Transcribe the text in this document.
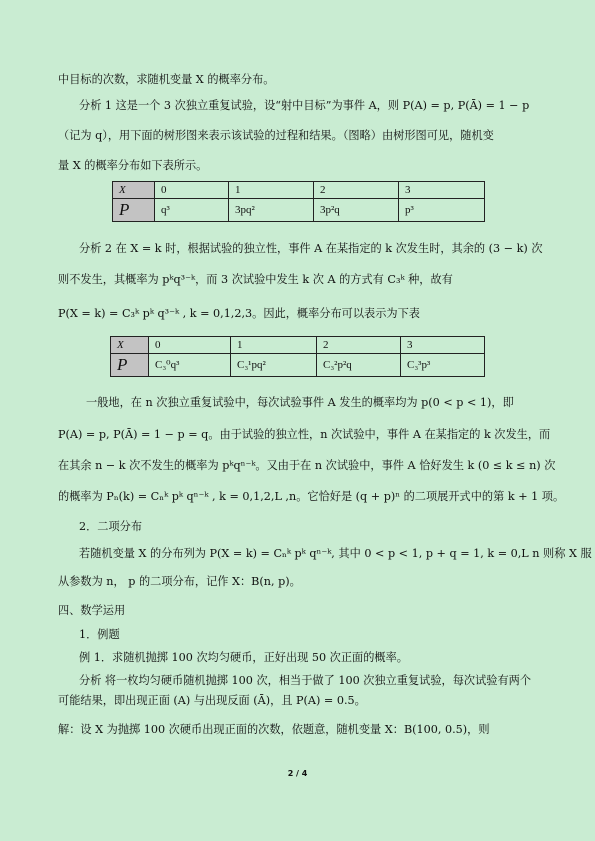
中目标的次数，求随机变量 X 的概率分布。
分析 1 这是一个 3 次独立重复试验，设“射中目标”为事件 A，则 P(A) = p, P(Ā) = 1 − p
（记为 q），用下面的树形图来表示该试验的过程和结果。（图略）由树形图可见，随机变
量 X 的概率分布如下表所示。
X	0	1	2	3
P	q³	3pq²	3p²q	p³
分析 2 在 X = k 时，根据试验的独立性，事件 A 在某指定的 k 次发生时，其余的 (3 − k) 次
则不发生，其概率为 pᵏq³⁻ᵏ，而 3 次试验中发生 k 次 A 的方式有 C₃ᵏ 种，故有
P(X = k) = C₃ᵏ pᵏ q³⁻ᵏ , k = 0,1,2,3。因此，概率分布可以表示为下表
X	0	1	2	3
P	C₃⁰q³	C₃¹pq²	C₃²p²q	C₃³p³
一般地，在 n 次独立重复试验中，每次试验事件 A 发生的概率均为 p(0 < p < 1)，即
P(A) = p, P(Ā) = 1 − p = q。由于试验的独立性，n 次试验中，事件 A 在某指定的 k 次发生，而
在其余 n − k 次不发生的概率为 pᵏqⁿ⁻ᵏ。又由于在 n 次试验中，事件 A 恰好发生 k (0 ≤ k ≤ n) 次
的概率为 Pₙ(k) = Cₙᵏ pᵏ qⁿ⁻ᵏ , k = 0,1,2,L ,n。它恰好是 (q + p)ⁿ 的二项展开式中的第 k + 1 项。
2．二项分布
若随机变量 X 的分布列为 P(X = k) = Cₙᵏ pᵏ qⁿ⁻ᵏ, 其中 0 < p < 1, p + q = 1, k = 0,L n 则称 X 服
从参数为 n， p 的二项分布，记作 X：B(n, p)。
四、数学运用
1．例题
例 1．求随机抛掷 100 次均匀硬币，正好出现 50 次正面的概率。
分析 将一枚均匀硬币随机抛掷 100 次，相当于做了 100 次独立重复试验，每次试验有两个
可能结果，即出现正面 (A) 与出现反面 (Ā)，且 P(A) = 0.5。
解：设 X 为抛掷 100 次硬币出现正面的次数，依题意，随机变量 X：B(100, 0.5)，则
2 / 4
